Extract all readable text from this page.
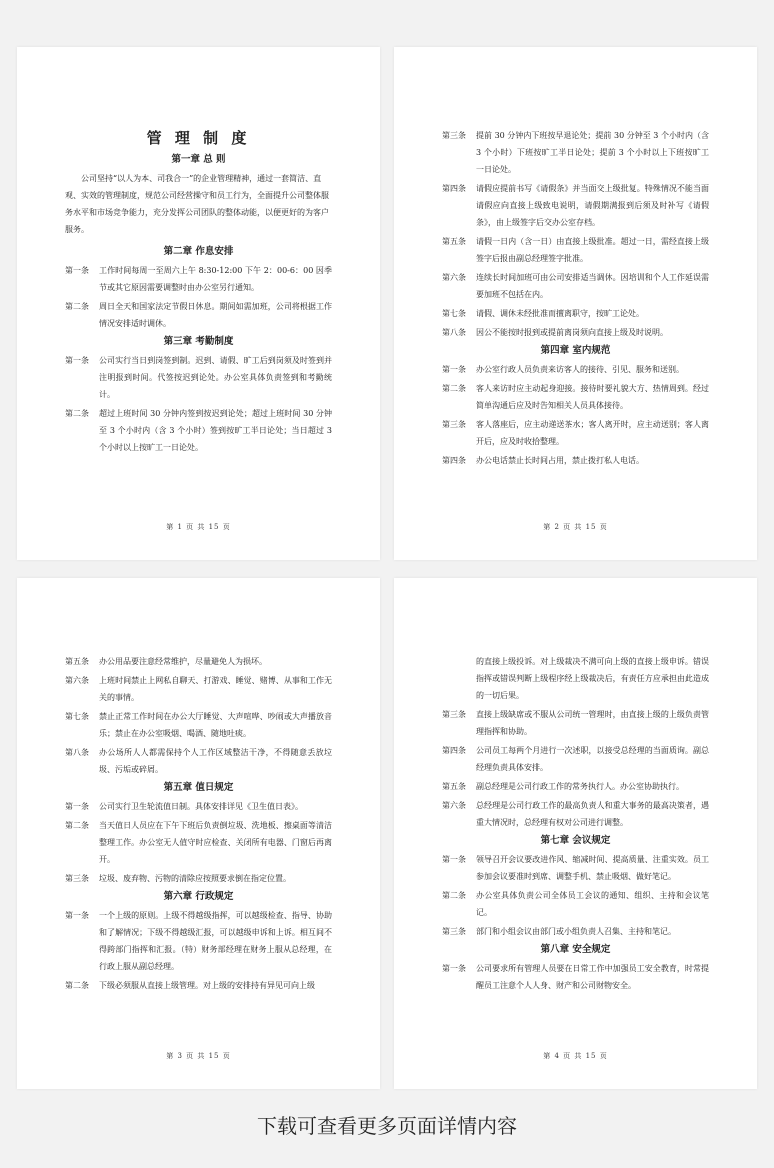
管 理 制 度
第一章 总 则
公司坚持“以人为本、司我合一”的企业管理精神，通过一套简洁、直观、实效的管理制度，规范公司经营操守和员工行为，全面提升公司整体服务水平和市场竞争能力，充分发挥公司团队的整体动能，以便更好的为客户服务。
第二章 作息安排
第一条	工作时间每周一至周六上午 8:30-12:00 下午 2：00-6：00 因季节或其它原因需要调整时由办公室另行通知。
第二条	周日全天和国家法定节假日休息。期间如需加班，公司将根据工作情况安排适时调休。
第三章 考勤制度
第一条	公司实行当日到岗签到制。迟到、请假、旷工后到岗须及时签到并注明报到时间。代签按迟到论处。办公室具体负责签到和考勤统计。
第二条	超过上班时间 30 分钟内签到按迟到论处；超过上班时间 30 分钟至 3 个小时内（含 3 个小时）签到按旷工半日论处；当日超过 3 个小时以上按旷工一日论处。
第 1 页 共 15 页
第三条	提前 30 分钟内下班按早退论处；提前 30 分钟至 3 个小时内（含 3 个小时）下班按旷工半日论处；提前 3 个小时以上下班按旷工一日论处。
第四条	请假应提前书写《请假条》并当面交上级批复。特殊情况不能当面请假应向直接上级致电说明，请假期满报到后须及时补写《请假条》，由上级签字后交办公室存档。
第五条	请假一日内（含一日）由直接上级批准。超过一日，需经直接上级签字后报由副总经理签字批准。
第六条	连续长时间加班可由公司安排适当调休。因培训和个人工作延误需要加班不包括在内。
第七条	请假、调休未经批准而擅离职守，按旷工论处。
第八条	因公不能按时报到或提前离岗须向直接上级及时说明。
第四章 室内规范
第一条	办公室行政人员负责来访客人的接待、引见、服务和送别。
第二条	客人来访时应主动起身迎接。接待时要礼貌大方、热情周到。经过简单沟通后应及时告知相关人员具体接待。
第三条	客人落座后，应主动递送茶水；客人离开时，应主动送别；客人离开后，应及时收拾整理。
第四条	办公电话禁止长时间占用，禁止拨打私人电话。
第 2 页 共 15 页
第五条	办公用品要注意经常维护，尽量避免人为损坏。
第六条	上班时间禁止上网私自聊天、打游戏、睡觉、赌博、从事和工作无关的事情。
第七条	禁止正常工作时间在办公大厅睡觉、大声喧哗、吵闹或大声播放音乐；禁止在办公室吸烟、喝酒、随地吐痰。
第八条	办公场所人人都需保持个人工作区域整洁干净，不得随意丢放垃圾、污垢或碎屑。
第五章 值日规定
第一条	公司实行卫生轮流值日制。具体安排详见《卫生值日表》。
第二条	当天值日人员应在下午下班后负责倒垃圾、洗地板、擦桌面等清洁整理工作。办公室无人值守时应检查、关闭所有电器、门窗后再离开。
第三条	垃圾、废弃物、污物的清除应按照要求倒在指定位置。
第六章 行政规定
第一条	一个上级的原则。上级不得越级指挥，可以越级检查、指导、协助和了解情况；下级不得越级汇报，可以越级申诉和上诉。相互间不得跨部门指挥和汇报。（特）财务部经理在财务上服从总经理，在行政上服从副总经理。
第二条	下级必须服从直接上级管理。对上级的安排持有异见可向上级
第 3 页 共 15 页
的直接上级投诉。对上级裁决不满可向上级的直接上级申诉。错误指挥或错误判断上级程序经上级裁决后，有责任方应承担由此造成的一切后果。
第三条	直接上级缺席或不服从公司统一管理时，由直接上级的上级负责管理指挥和协助。
第四条	公司员工每两个月进行一次述职，以接受总经理的当面质询。副总经理负责具体安排。
第五条	副总经理是公司行政工作的常务执行人。办公室协助执行。
第六条	总经理是公司行政工作的最高负责人和重大事务的最高决策者，遇重大情况时，总经理有权对公司进行调整。
第七章 会议规定
第一条	领导召开会议要改进作风、缩减时间、提高质量、注重实效。员工参加会议要准时到席、调整手机、禁止吸烟、做好笔记。
第二条	办公室具体负责公司全体员工会议的通知、组织、主持和会议笔记。
第三条	部门和小组会议由部门或小组负责人召集、主持和笔记。
第八章 安全规定
第一条	公司要求所有管理人员要在日常工作中加强员工安全教育，时常提醒员工注意个人人身、财产和公司财物安全。
第 4 页 共 15 页
下载可查看更多页面详情内容
